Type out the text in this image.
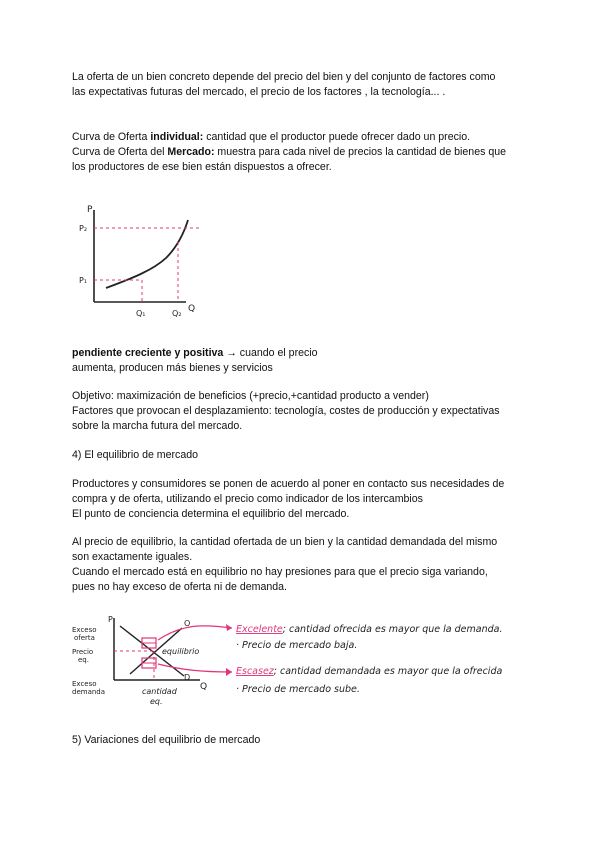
La oferta de un bien concreto depende del precio del bien y del conjunto de factores como
las expectativas futuras del mercado, el precio de los factores , la tecnología... .
Curva de Oferta individual: cantidad que el productor puede ofrecer dado un precio.
Curva de Oferta del Mercado: muestra para cada nivel de precios la cantidad de bienes que
los productores de ese bien están dispuestos a ofrecer.
P
Q
P₂
P₁
Q₁	Q₂
pendiente creciente y positiva → cuando el precio
aumenta, producen más bienes y servicios
Objetivo: maximización de beneficios (+precio,+cantidad producto a vender)
Factores que provocan el desplazamiento: tecnología, costes de producción y expectativas
sobre la marcha futura del mercado.
4) El equilibrio de mercado
Productores y consumidores se ponen de acuerdo al poner en contacto sus necesidades de
compra y de oferta, utilizando el precio como indicador de los intercambios
El punto de conciencia determina el equilibrio del mercado.
Al precio de equilibrio, la cantidad ofertada de un bien y la cantidad demandada del mismo
son exactamente iguales.
Cuando el mercado está en equilibrio no hay presiones para que el precio siga variando,
pues no hay exceso de oferta ni de demanda.
P
Q
O
D
equilibrio
Exceso
oferta
Precio
eq.
Exceso
demanda	cantidad
eq.
Excelente; cantidad ofrecida es mayor que la demanda.
· Precio de mercado baja.
Escasez; cantidad demandada es mayor que la ofrecida
· Precio de mercado sube.
5) Variaciones del equilibrio de mercado
